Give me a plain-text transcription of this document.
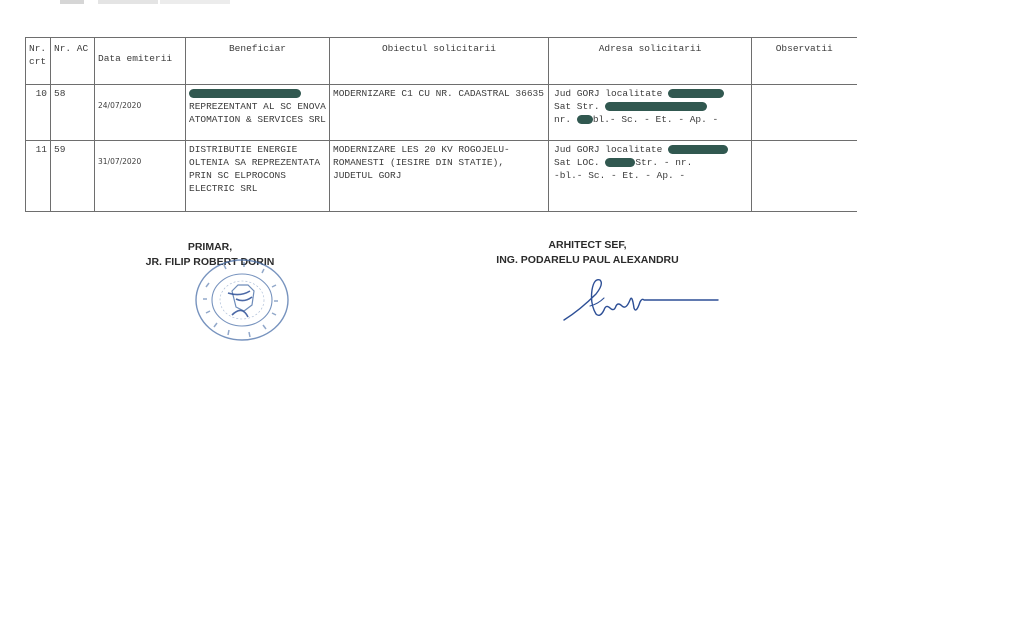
Nr. crt	Nr. AC	Data emiterii	Beneficiar	Obiectul solicitarii	Adresa solicitarii	Observatii
10	58	24/07/2020	REPREZENTANT AL SC ENOVA ATOMATION & SERVICES SRL	MODERNIZARE C1 CU NR. CADASTRAL 36635	Jud GORJ localitate
Sat Str.
nr. bl.- Sc. - Et. - Ap. -	
11	59	31/07/2020	DISTRIBUTIE ENERGIE OLTENIA SA REPREZENTATA PRIN SC ELPROCONS ELECTRIC SRL	MODERNIZARE LES 20 KV ROGOJELU-ROMANESTI (IESIRE DIN STATIE), JUDETUL GORJ	Jud GORJ localitate
Sat LOC. Str. - nr.
-bl.- Sc. - Et. - Ap. -	
PRIMAR,
JR. FILIP ROBERT DORIN
ARHITECT SEF,
ING. PODARELU PAUL ALEXANDRU
